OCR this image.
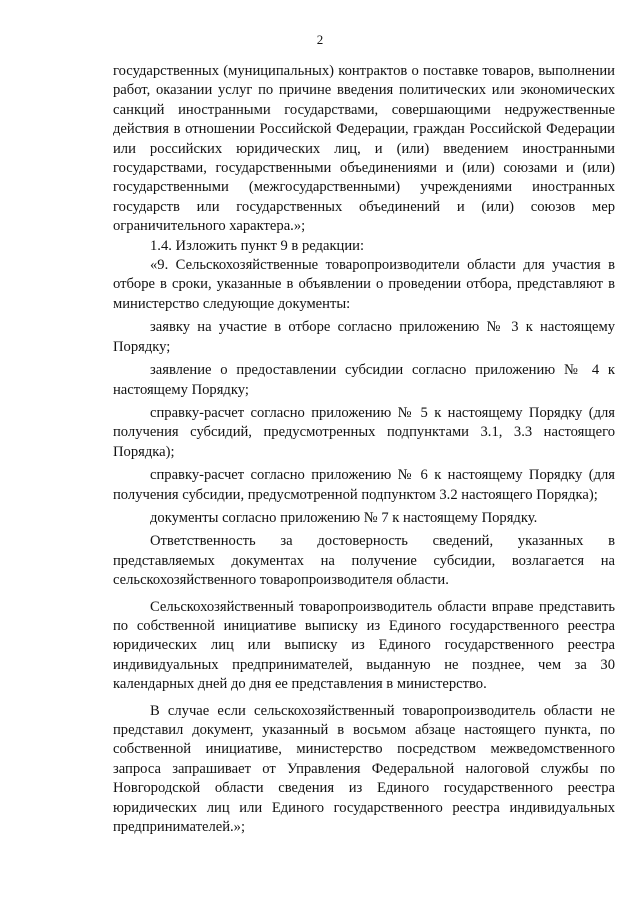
2

государственных (муниципальных) контрактов о поставке товаров, выполнении работ, оказании услуг по причине введения политических или экономических санкций иностранными государствами, совершающими недружественные действия в отношении Российской Федерации, граждан Российской Федерации или российских юридических лиц, и (или) введением иностранными государствами, государственными объединениями и (или) союзами и (или) государственными (межгосударственными) учреждениями иностранных государств или государственных объединений и (или) союзов мер ограничительного характера.»;

1.4. Изложить пункт 9 в редакции:

«9. Сельскохозяйственные товаропроизводители области для участия в отборе в сроки, указанные в объявлении о проведении отбора, представляют в министерство следующие документы:

заявку на участие в отборе согласно приложению № 3 к настоящему Порядку;

заявление о предоставлении субсидии согласно приложению № 4 к настоящему Порядку;

справку-расчет согласно приложению № 5 к настоящему Порядку (для получения субсидий, предусмотренных подпунктами 3.1, 3.3 настоящего Порядка);

справку-расчет согласно приложению № 6 к настоящему Порядку (для получения субсидии, предусмотренной подпунктом 3.2 настоящего Порядка);

документы согласно приложению № 7 к настоящему Порядку.

Ответственность за достоверность сведений, указанных в представляемых документах на получение субсидии, возлагается на сельскохозяйственного товаропроизводителя области.

Сельскохозяйственный товаропроизводитель области вправе представить по собственной инициативе выписку из Единого государственного реестра юридических лиц или выписку из Единого государственного реестра индивидуальных предпринимателей, выданную не позднее, чем за 30 календарных дней до дня ее представления в министерство.

В случае если сельскохозяйственный товаропроизводитель области не представил документ, указанный в восьмом абзаце настоящего пункта, по собственной инициативе, министерство посредством межведомственного запроса запрашивает от Управления Федеральной налоговой службы по Новгородской области сведения из Единого государственного реестра юридических лиц или Единого государственного реестра индивидуальных предпринимателей.»;
